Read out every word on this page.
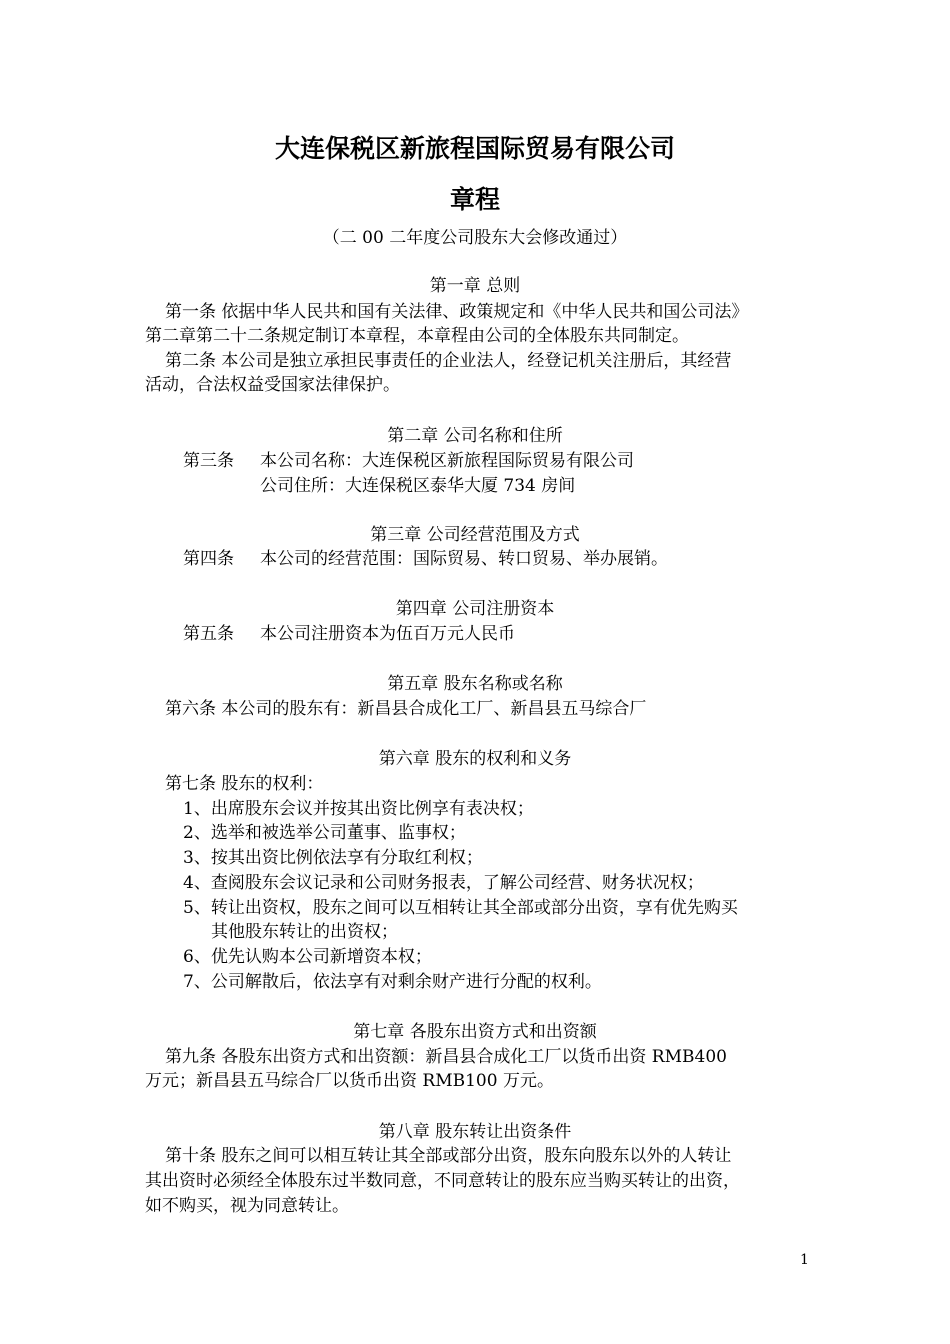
大连保税区新旅程国际贸易有限公司
章程
（二 00 二年度公司股东大会修改通过）
第一章 总则
第一条 依据中华人民共和国有关法律、政策规定和《中华人民共和国公司法》
第二章第二十二条规定制订本章程，本章程由公司的全体股东共同制定。
第二条 本公司是独立承担民事责任的企业法人，经登记机关注册后，其经营
活动，合法权益受国家法律保护。
第二章 公司名称和住所
第三条 本公司名称：大连保税区新旅程国际贸易有限公司
公司住所：大连保税区泰华大厦 734 房间
第三章 公司经营范围及方式
第四条 本公司的经营范围：国际贸易、转口贸易、举办展销。
第四章 公司注册资本
第五条 本公司注册资本为伍百万元人民币
第五章 股东名称或名称
第六条 本公司的股东有：新昌县合成化工厂、新昌县五马综合厂
第六章 股东的权利和义务
第七条 股东的权利：
1、出席股东会议并按其出资比例享有表决权；
2、选举和被选举公司董事、监事权；
3、按其出资比例依法享有分取红利权；
4、查阅股东会议记录和公司财务报表，了解公司经营、财务状况权；
5、转让出资权，股东之间可以互相转让其全部或部分出资，享有优先购买
其他股东转让的出资权；
6、优先认购本公司新增资本权；
7、公司解散后，依法享有对剩余财产进行分配的权利。
第七章 各股东出资方式和出资额
第九条 各股东出资方式和出资额：新昌县合成化工厂以货币出资 RMB400
万元；新昌县五马综合厂以货币出资 RMB100 万元。
第八章 股东转让出资条件
第十条 股东之间可以相互转让其全部或部分出资，股东向股东以外的人转让
其出资时必须经全体股东过半数同意，不同意转让的股东应当购买转让的出资，
如不购买，视为同意转让。
1
